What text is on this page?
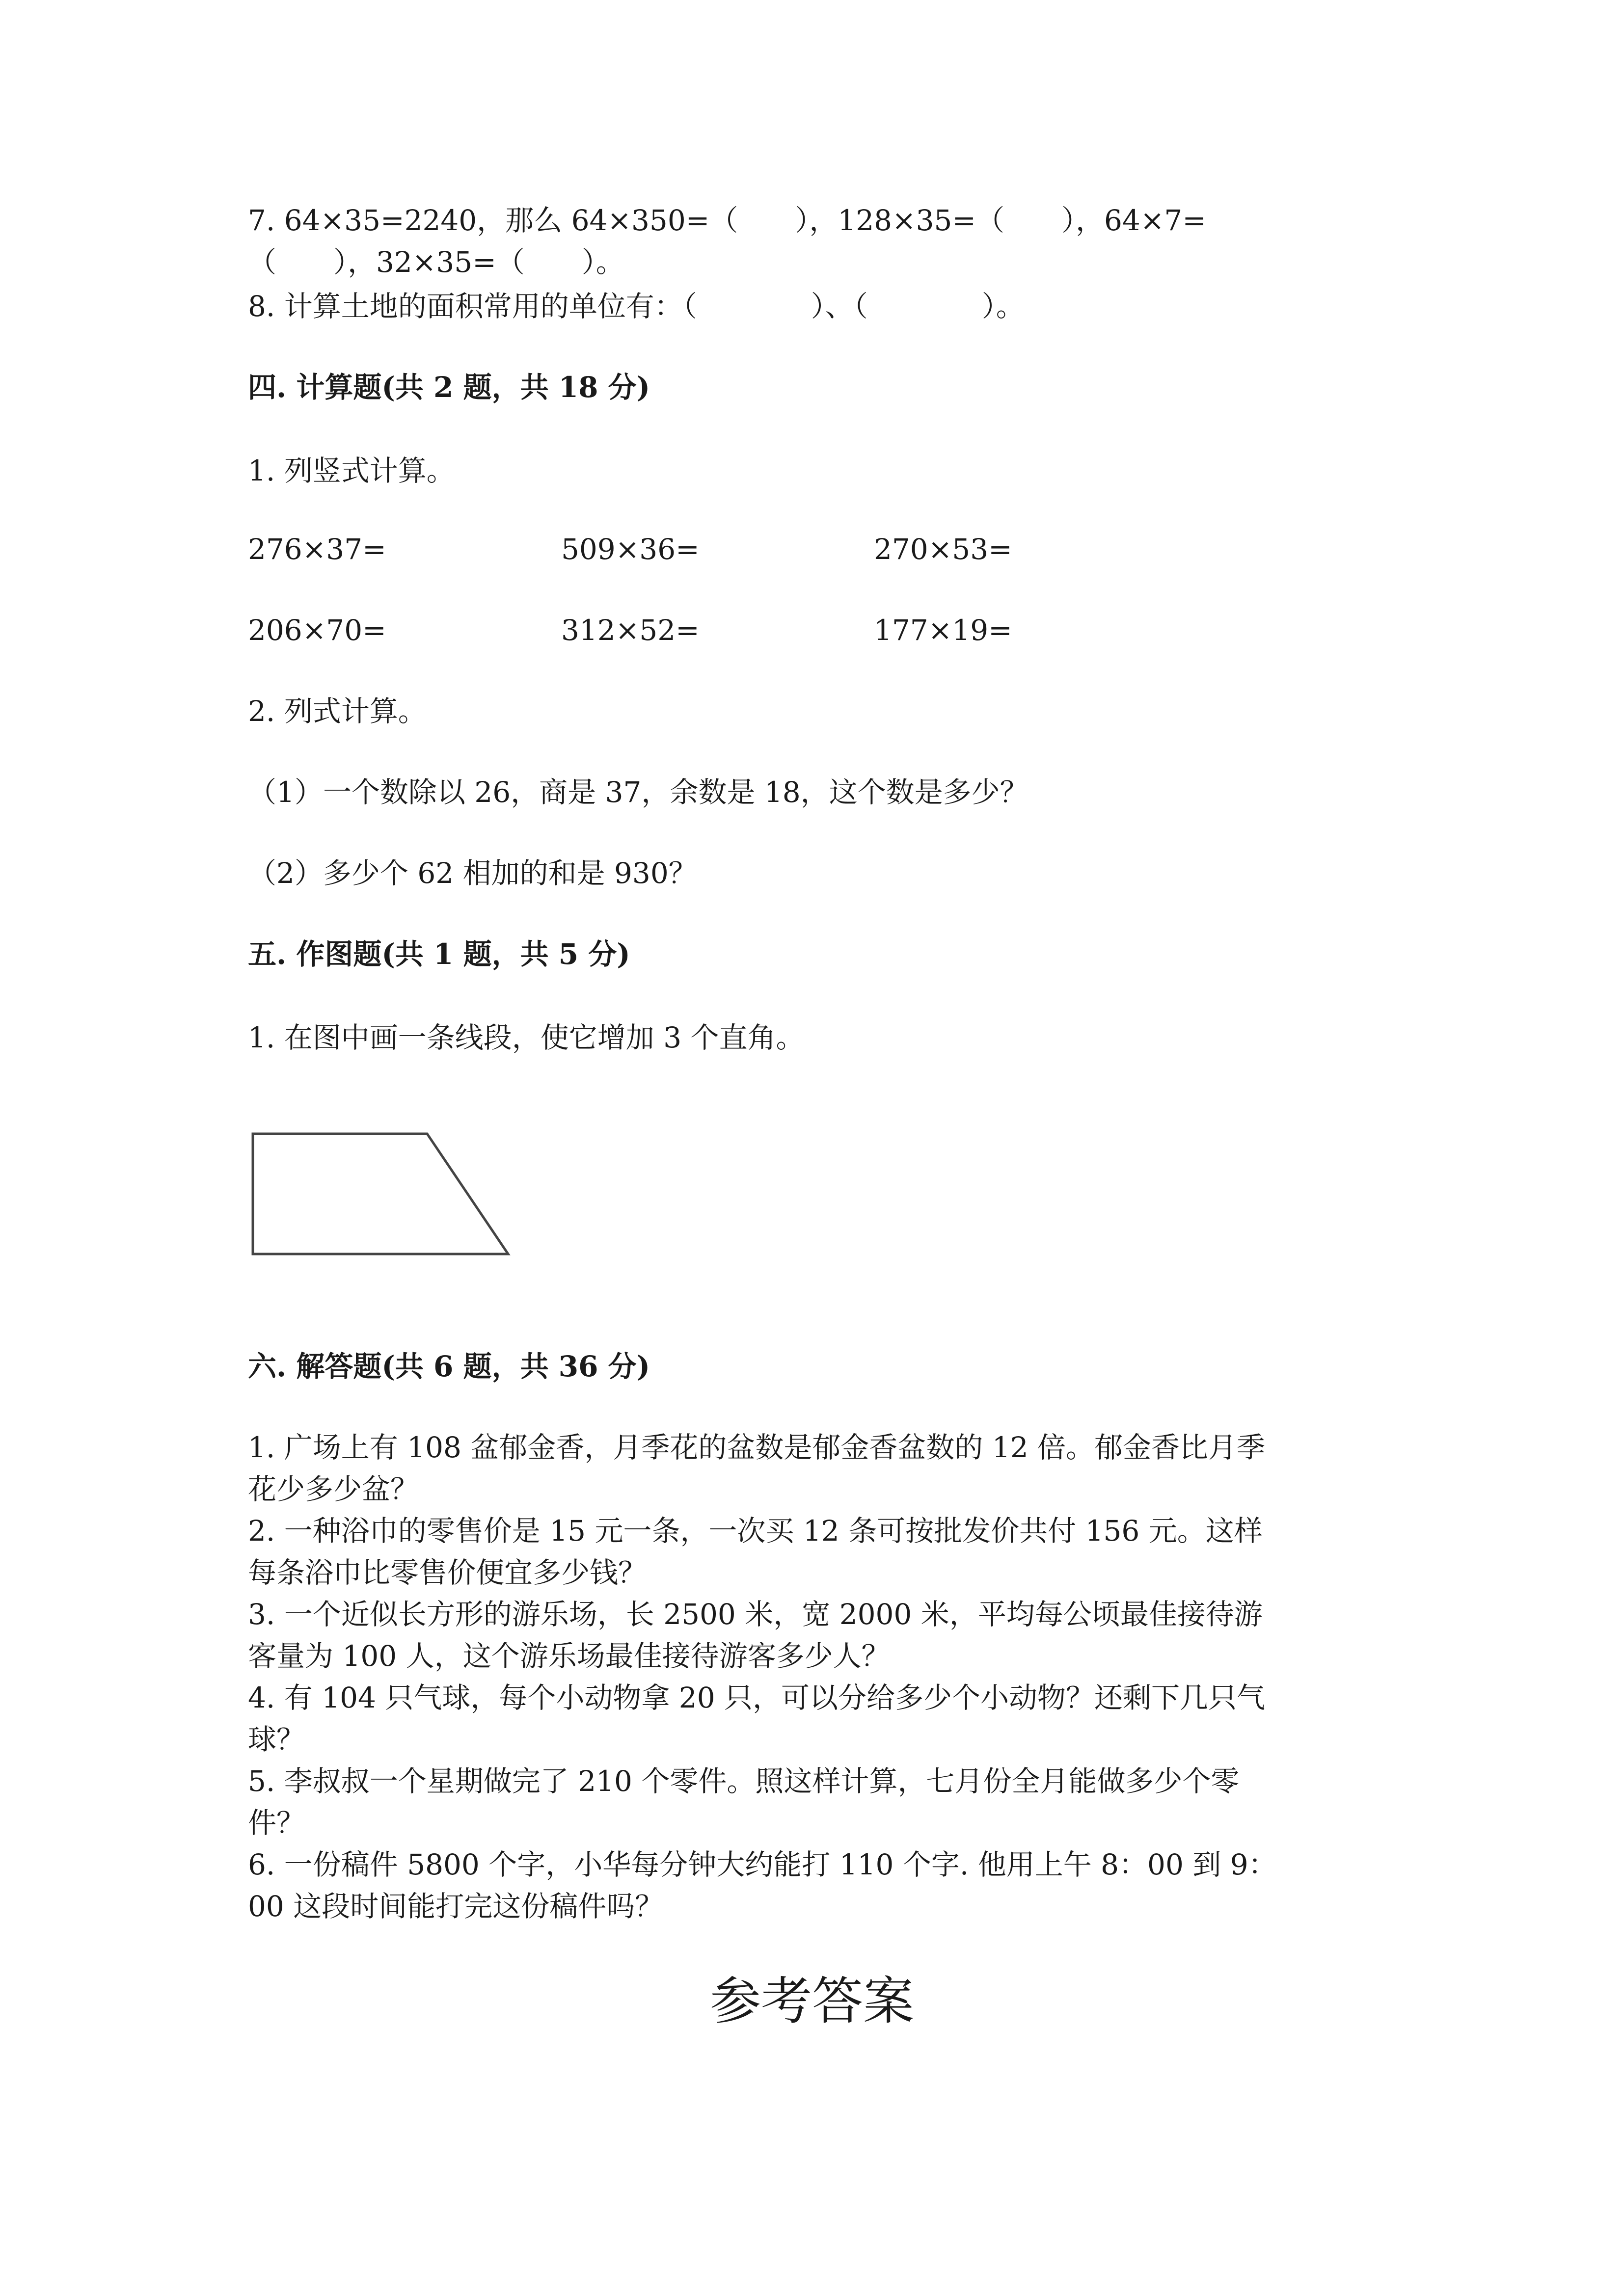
7. 64×35=2240，那么 64×350=（　　），128×35=（　　），64×7=
（　　），32×35=（　　）。
8. 计算土地的面积常用的单位有：（　　　　）、（　　　　）。
四. 计算题(共 2 题，共 18 分)
1. 列竖式计算。
276×37=	509×36=	270×53=
206×70=	312×52=	177×19=
2. 列式计算。
（1）一个数除以 26，商是 37，余数是 18，这个数是多少？
（2）多少个 62 相加的和是 930？
五. 作图题(共 1 题，共 5 分)
1. 在图中画一条线段，使它增加 3 个直角。
六. 解答题(共 6 题，共 36 分)
1. 广场上有 108 盆郁金香，月季花的盆数是郁金香盆数的 12 倍。郁金香比月季
花少多少盆？
2. 一种浴巾的零售价是 15 元一条，一次买 12 条可按批发价共付 156 元。这样
每条浴巾比零售价便宜多少钱？
3. 一个近似长方形的游乐场，长 2500 米，宽 2000 米，平均每公顷最佳接待游
客量为 100 人，这个游乐场最佳接待游客多少人？
4. 有 104 只气球，每个小动物拿 20 只，可以分给多少个小动物？还剩下几只气
球？
5. 李叔叔一个星期做完了 210 个零件。照这样计算，七月份全月能做多少个零
件？
6. 一份稿件 5800 个字，小华每分钟大约能打 110 个字. 他用上午 8：00 到 9：
00 这段时间能打完这份稿件吗？
参考答案
